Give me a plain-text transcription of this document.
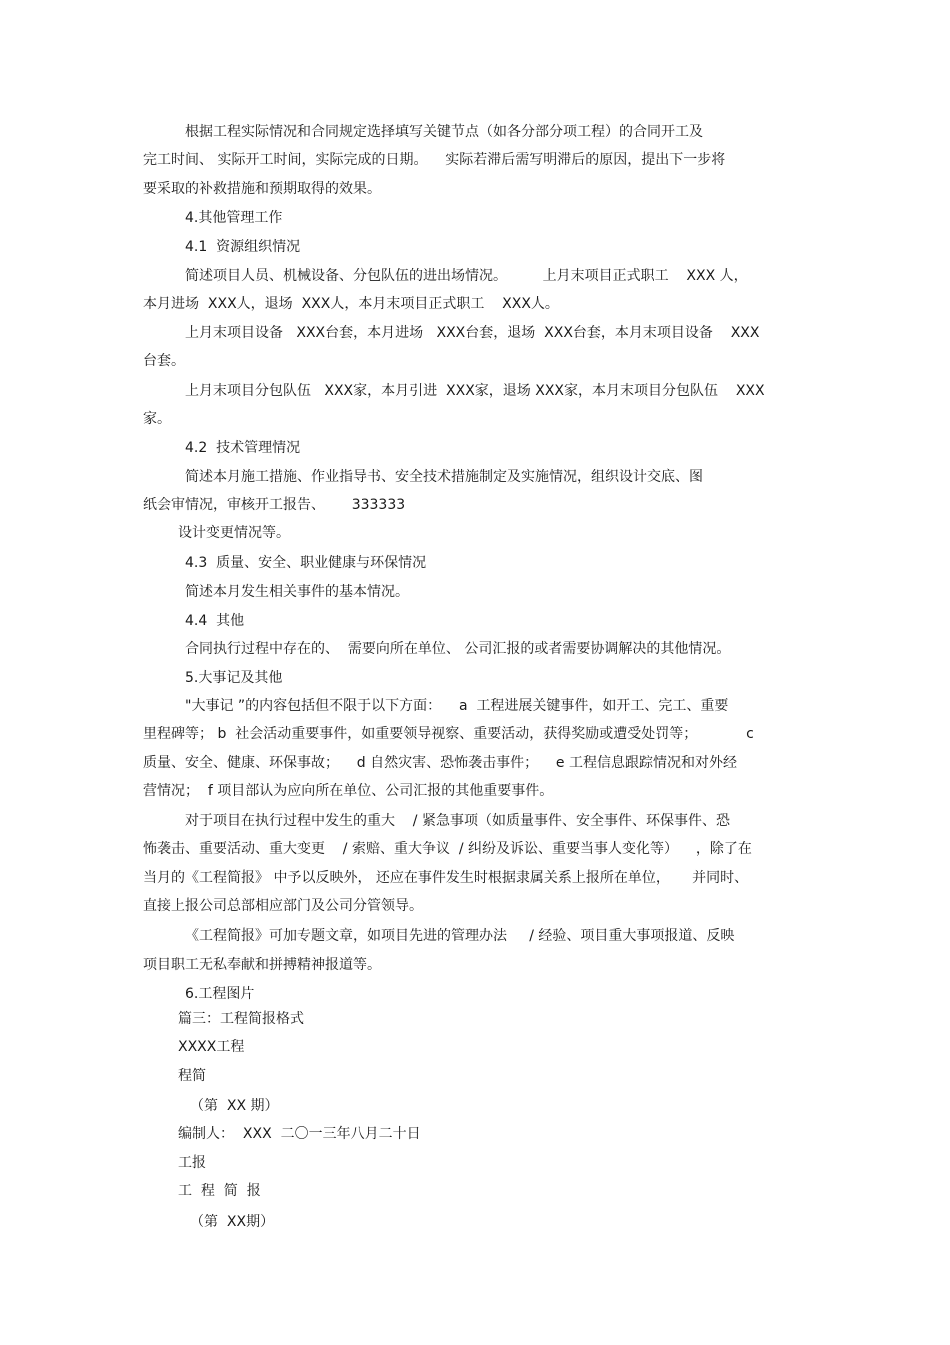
根据工程实际情况和合同规定选择填写关键节点（如各分部分项工程）的合同开工及
完工时间、 实际开工时间，实际完成的日期。    实际若滞后需写明滞后的原因，提出下一步将
要采取的补救措施和预期取得的效果。
4.其他管理工作
4.1  资源组织情况
简述项目人员、机械设备、分包队伍的进出场情况。        上月末项目正式职工    XXX 人，
本月进场  XXX人，退场  XXX人，本月末项目正式职工    XXX人。
上月末项目设备   XXX台套，本月进场   XXX台套，退场  XXX台套，本月末项目设备    XXX
台套。
上月末项目分包队伍   XXX家，本月引进  XXX家，退场 XXX家，本月末项目分包队伍    XXX
家。
4.2  技术管理情况
简述本月施工措施、作业指导书、安全技术措施制定及实施情况，组织设计交底、图
纸会审情况，审核开工报告、      333333
设计变更情况等。
4.3  质量、安全、职业健康与环保情况
简述本月发生相关事件的基本情况。
4.4  其他
合同执行过程中存在的、  需要向所在单位、 公司汇报的或者需要协调解决的其他情况。
5.大事记及其他
"大事记 ”的内容包括但不限于以下方面：    a  工程进展关键事件，如开工、完工、重要
里程碑等； b  社会活动重要事件，如重要领导视察、重要活动，获得奖励或遭受处罚等；           c
质量、安全、健康、环保事故；    d 自然灾害、恐怖袭击事件；    e 工程信息跟踪情况和对外经
营情况；  f 项目部认为应向所在单位、公司汇报的其他重要事件。
对于项目在执行过程中发生的重大    / 紧急事项（如质量事件、安全事件、环保事件、恐
怖袭击、重要活动、重大变更    / 索赔、重大争议  / 纠纷及诉讼、重要当事人变化等）    ，除了在
当月的《工程简报》 中予以反映外， 还应在事件发生时根据隶属关系上报所在单位，     并同时、
直接上报公司总部相应部门及公司分管领导。
《工程简报》可加专题文章，如项目先进的管理办法     / 经验、项目重大事项报道、反映
项目职工无私奉献和拼搏精神报道等。
6.工程图片
篇三：工程简报格式
XXXX工程
程简
（第  XX 期）
编制人：  XXX  二〇一三年八月二十日
工报
工  程  简  报
（第  XX期）
